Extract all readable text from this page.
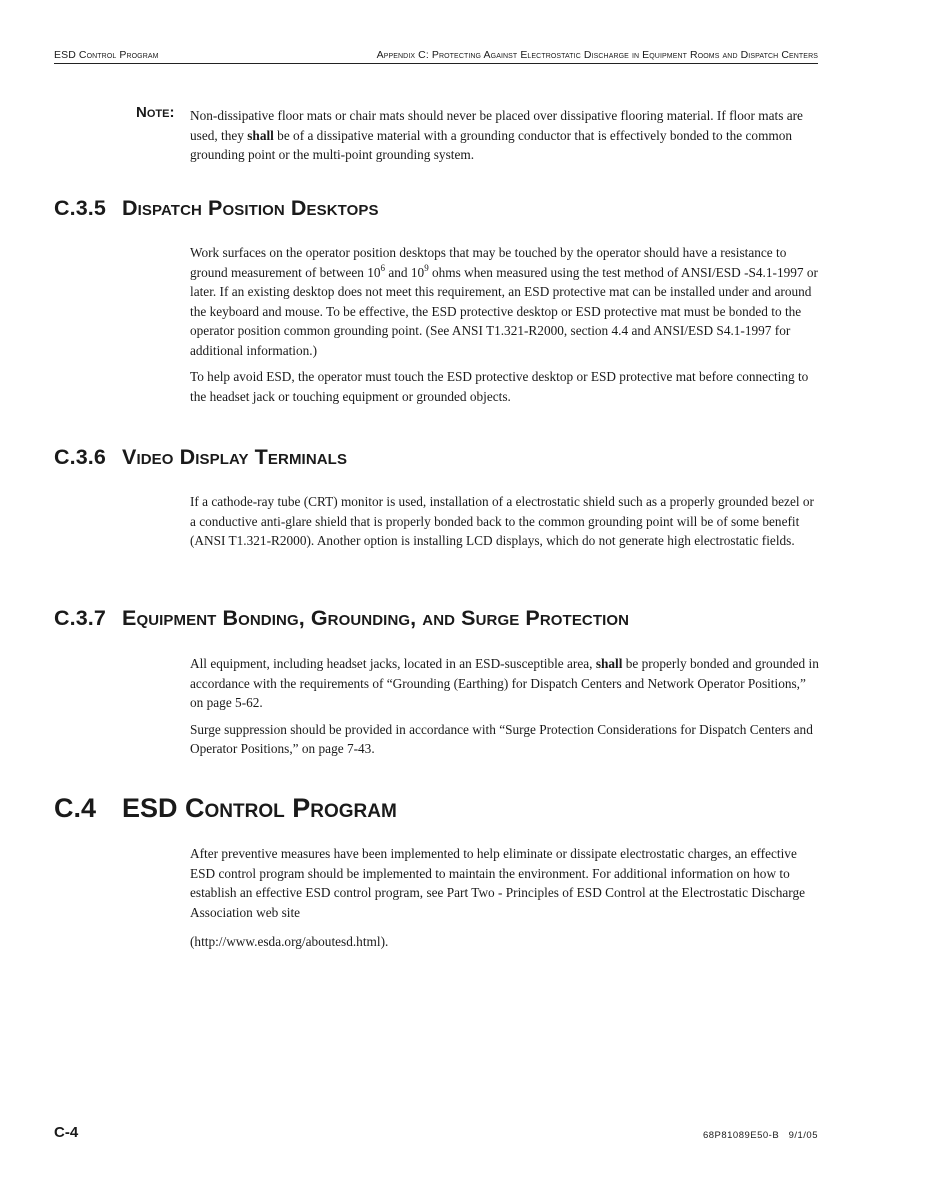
ESD Control Program	Appendix C: Protecting Against Electrostatic Discharge in Equipment Rooms and Dispatch Centers
Note: Non-dissipative floor mats or chair mats should never be placed over dissipative flooring material. If floor mats are used, they shall be of a dissipative material with a grounding conductor that is effectively bonded to the common grounding point or the multi-point grounding system.
C.3.5 Dispatch Position Desktops

Work surfaces on the operator position desktops that may be touched by the operator should have a resistance to ground measurement of between $10^6$ and $10^9$ ohms when measured using the test method of ANSI/ESD -S4.1-1997 or later. If an existing desktop does not meet this requirement, an ESD protective mat can be installed under and around the keyboard and mouse. To be effective, the ESD protective desktop or ESD protective mat must be bonded to the operator position common grounding point. (See ANSI T1.321-R2000, section 4.4 and ANSI/ESD S4.1-1997 for additional information.)

To help avoid ESD, the operator must touch the ESD protective desktop or ESD protective mat before connecting to the headset jack or touching equipment or grounded objects.

C.3.6 Video Display Terminals

If a cathode-ray tube (CRT) monitor is used, installation of a electrostatic shield such as a properly grounded bezel or a conductive anti-glare shield that is properly bonded back to the common grounding point will be of some benefit (ANSI T1.321-R2000). Another option is installing LCD displays, which do not generate high electrostatic fields.

C.3.7 Equipment Bonding, Grounding, and Surge Protection

All equipment, including headset jacks, located in an ESD-susceptible area, shall be properly bonded and grounded in accordance with the requirements of “Grounding (Earthing) for Dispatch Centers and Network Operator Positions,” on page 5-62.

Surge suppression should be provided in accordance with “Surge Protection Considerations for Dispatch Centers and Operator Positions,” on page 7-43.

C.4 ESD Control Program

After preventive measures have been implemented to help eliminate or dissipate electrostatic charges, an effective ESD control program should be implemented to maintain the environment. For additional information on how to establish an effective ESD control program, see Part Two - Principles of ESD Control at the Electrostatic Discharge Association web site

(http://www.esda.org/aboutesd.html).

C-4	68P81089E50-B   9/1/05
